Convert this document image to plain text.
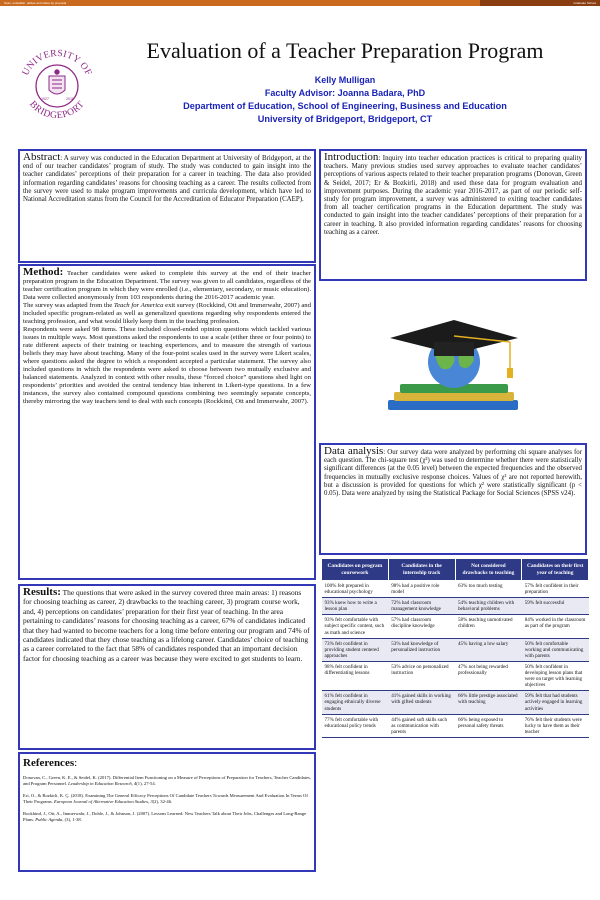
Scan, embellish, deliver and share by proposal	Graduate School
UNIVERSITY OF
BRIDGEPORT
1927	2018
Evaluation of a Teacher Preparation Program
Kelly Mulligan
Faculty Advisor: Joanna Badara, PhD
Department of Education, School of Engineering, Business and Education
University of Bridgeport, Bridgeport, CT

Abstract: A survey was conducted in the Education Department at University of Bridgeport, at the end of our teacher candidates’ program of study. The study was conducted to gain insight into the teacher candidates’ perceptions of their preparation for a career in teaching. The data also provided information regarding candidates’ reasons for choosing teaching as a career. The results collected from the survey were used to make program improvements and curricula development, which have led to National Accreditation status from the Council for the Accreditation of Educator Preparation (CAEP).

Method: Teacher candidates were asked to complete this survey at the end of their teacher preparation program in the Education Department. The survey was given to all candidates, regardless of the teacher certification program in which they were enrolled (i.e., elementary, secondary, or music education). Data were collected anonymously from 103 respondents during the 2016-2017 academic year.

The survey was adapted from the Teach for America exit survey (Rockkind, Ott and Immerwahr, 2007) and included specific program-related as well as generalized questions regarding why respondents entered the teaching profession, and what would likely keep them in the teaching profession.

Respondents were asked 98 items. These included closed-ended opinion questions which tackled various issues in multiple ways. Most questions asked the respondents to use a scale (either three or four points) to rate different aspects of their training or teaching experiences, and to measure the strength of various beliefs they may have about teaching. Many of the four-point scales used in the survey were Likert scales, where questions asked the degree to which a respondent accepted a particular statement. The survey also included questions in which the respondents were asked to choose between two mutually exclusive and balanced statements. Analyzed in context with other results, these “forced choice” questions shed light on respondents’ priorities and avoided the central tendency bias inherent in Likert-type questions. In a few instances, the survey also contained compound questions combining two seemingly separate concepts, thereby mirroring the way teachers tend to deal with such concepts (Rockkind, Ott and Immerwahr, 2007).

Results: The questions that were asked in the survey covered three main areas: 1) reasons for choosing teaching as career, 2) drawbacks to the teaching career, 3) program course work, and, 4) perceptions on candidates’ preparation for their first year of teaching. In the area pertaining to candidates’ reasons for choosing teaching as a career, 67% of candidates indicated that they had wanted to become teachers for a long time before entering our program and 74% of candidates indicated that they chose teaching as a lifelong career. Candidates’ choice of teaching as a career correlated to the fact that 58% of candidates responded that an important decision factor for choosing teaching as a career was because they were excited to get students to learn.

References:

Donovan, C., Green, K. E., & Seidel, K. (2017). Differential Item Functioning on a Measure of Perceptions of Preparation for Teachers, Teacher Candidates, and Program Personnel. Leadership in Education Research, 4(1), 27-54.

Eri, O., & Bozkirli, K. Ç. (2018). Examining The General Efficacy Perceptions Of Candidate Teachers Towards Measurement And Evaluation In Terms Of Their Programs. European Journal of Alternative Education Studies, 3(2), 32-46.

Rockhind, J., Ott, A., Immerwahr, J., Doble, J., & Johnson, J. (2007). Lessons Learned: New Teachers Talk about Their Jobs, Challenges and Long-Range Plans. Public Agenda, (3), 1-38.

Introduction: Inquiry into teacher education practices is critical to preparing quality teachers. Many previous studies used survey approaches to evaluate teacher candidates’ perceptions of various aspects related to their teacher preparation programs (Donovan, Green & Seidel, 2017; Er & Bozkirli, 2018) and used these data for program evaluation and improvement purposes. During the academic year 2016-2017, as part of our periodic self-study for program improvement, a survey was administered to exiting teacher candidates from all teacher certification programs in the Education department. The study was conducted to gain insight into the teacher candidates’ perceptions of their preparation for a career in teaching. It also provided information regarding candidates’ reasons for choosing teaching as a career.

Data analysis: Our survey data were analyzed by performing chi square analyses for each question. The chi-square test (χ²) was used to determine whether there were statistically significant differences (at the 0.05 level) between the expected frequencies and the observed frequencies in mutually exclusive response choices. Values of χ² are not reported herewith, but a discussion is provided for questions for which χ² were statistically significant (p < 0.05). Data were analyzed by using the Statistical Package for Social Sciences (SPSS v24).

Candidates on program coursework	Candidates in the internship track	Not considered drawbacks to teaching	Candidates on their first year of teaching
100% felt prepared in educational psychology	98% had a positive role model	63% too much testing	57% felt confident in their preparation
93% knew how to write a lesson plan	72% had classroom management knowledge	54% teaching children with behavioral problems	59% felt successful
93% felt comfortable with subject specific content, such as math and science	57% had classroom discipline knowledge	58% teaching unmotivated children	84% worked in the classroom as part of the program
73% felt confident in providing student centered approaches	53% had knowledge of personalized instruction	45% having a low salary	50% felt comfortable working and communicating with parents
98% felt confident in differentiating lessons	53% advice on personalized instruction	47% not being rewarded professionally	50% felt confident in developing lesson plans that were on target with learning objectives
61% felt confident in engaging ethnically diverse students	41% gained skills in working with gifted students	66% little prestige associated with teaching	59% felt that had students actively engaged in learning activities
77% felt comfortable with educational policy trends	44% gained soft skills such as communication with parents	66% being exposed to personal safety threats	76% felt their students were lucky to have them as their teacher
